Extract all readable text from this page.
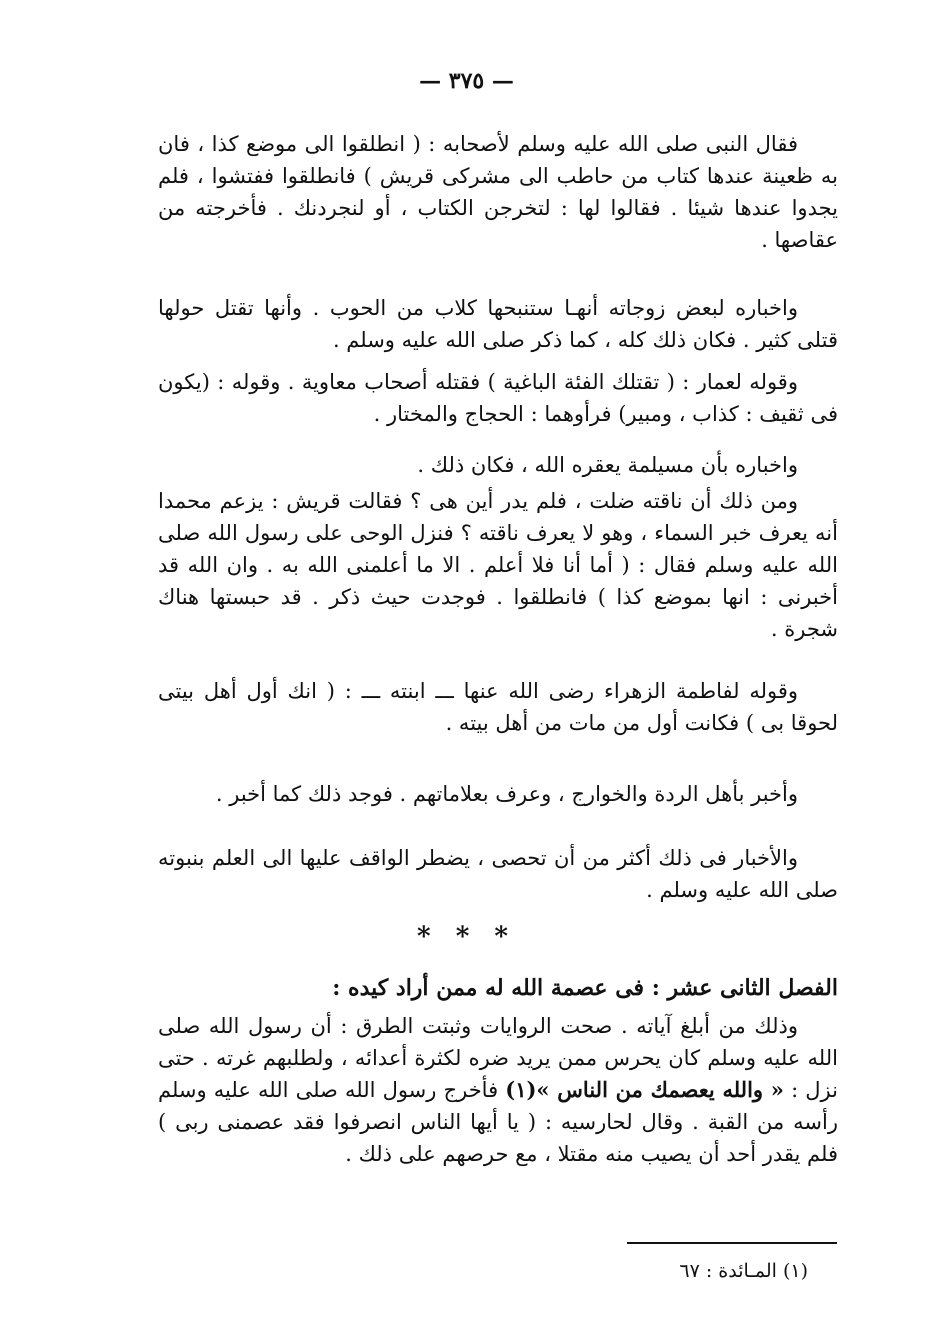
— ٣٧٥ —

فقال النبى صلى الله عليه وسلم لأصحابه : ( انطلقوا الى موضع كذا ، فان به ظعينة عندها كتاب من حاطب الى مشركى قريش ) فانطلقوا ففتشوا ، فلم يجدوا عندها شيئا . فقالوا لها : لتخرجن الكتاب ، أو لنجردنك . فأخرجته من عقاصها .

واخباره لبعض زوجاته أنهـا ستنبحها كلاب من الحوب . وأنها تقتل حولها قتلى كثير . فكان ذلك كله ، كما ذكر صلى الله عليه وسلم .

وقوله لعمار : ( تقتلك الفئة الباغية ) فقتله أصحاب معاوية . وقوله : (يكون فى ثقيف : كذاب ، ومبير) فرأوهما : الحجاج والمختار .

واخباره بأن مسيلمة يعقره الله ، فكان ذلك .

ومن ذلك أن ناقته ضلت ، فلم يدر أين هى ؟ فقالت قريش : يزعم محمدا أنه يعرف خبر السماء ، وهو لا يعرف ناقته ؟ فنزل الوحى على رسول الله صلى الله عليه وسلم فقال : ( أما أنا فلا أعلم . الا ما أعلمنى الله به . وان الله قد أخبرنى : انها بموضع كذا ) فانطلقوا . فوجدت حيث ذكر . قد حبستها هناك شجرة .

وقوله لفاطمة الزهراء رضى الله عنها ـــ ابنته ـــ : ( انك أول أهل بيتى لحوقا بى ) فكانت أول من مات من أهل بيته .

وأخبر بأهل الردة والخوارج ، وعرف بعلاماتهم . فوجد ذلك كما أخبر .

والأخبار فى ذلك أكثر من أن تحصى ، يضطر الواقف عليها الى العلم بنبوته صلى الله عليه وسلم .

* * *
الفصل الثانى عشر : فى عصمة الله له ممن أراد كيده :

وذلك من أبلغ آياته . صحت الروايات وثبتت الطرق : أن رسول الله صلى الله عليه وسلم كان يحرس ممن يريد ضره لكثرة أعدائه ، ولطلبهم غرته . حتى نزل : « والله يعصمك من الناس »(١) فأخرج رسول الله صلى الله عليه وسلم رأسه من القبة . وقال لحارسيه : ( يا أيها الناس انصرفوا فقد عصمنى ربى ) فلم يقدر أحد أن يصيب منه مقتلا ، مع حرصهم على ذلك .

(١) المـائدة : ٦٧
